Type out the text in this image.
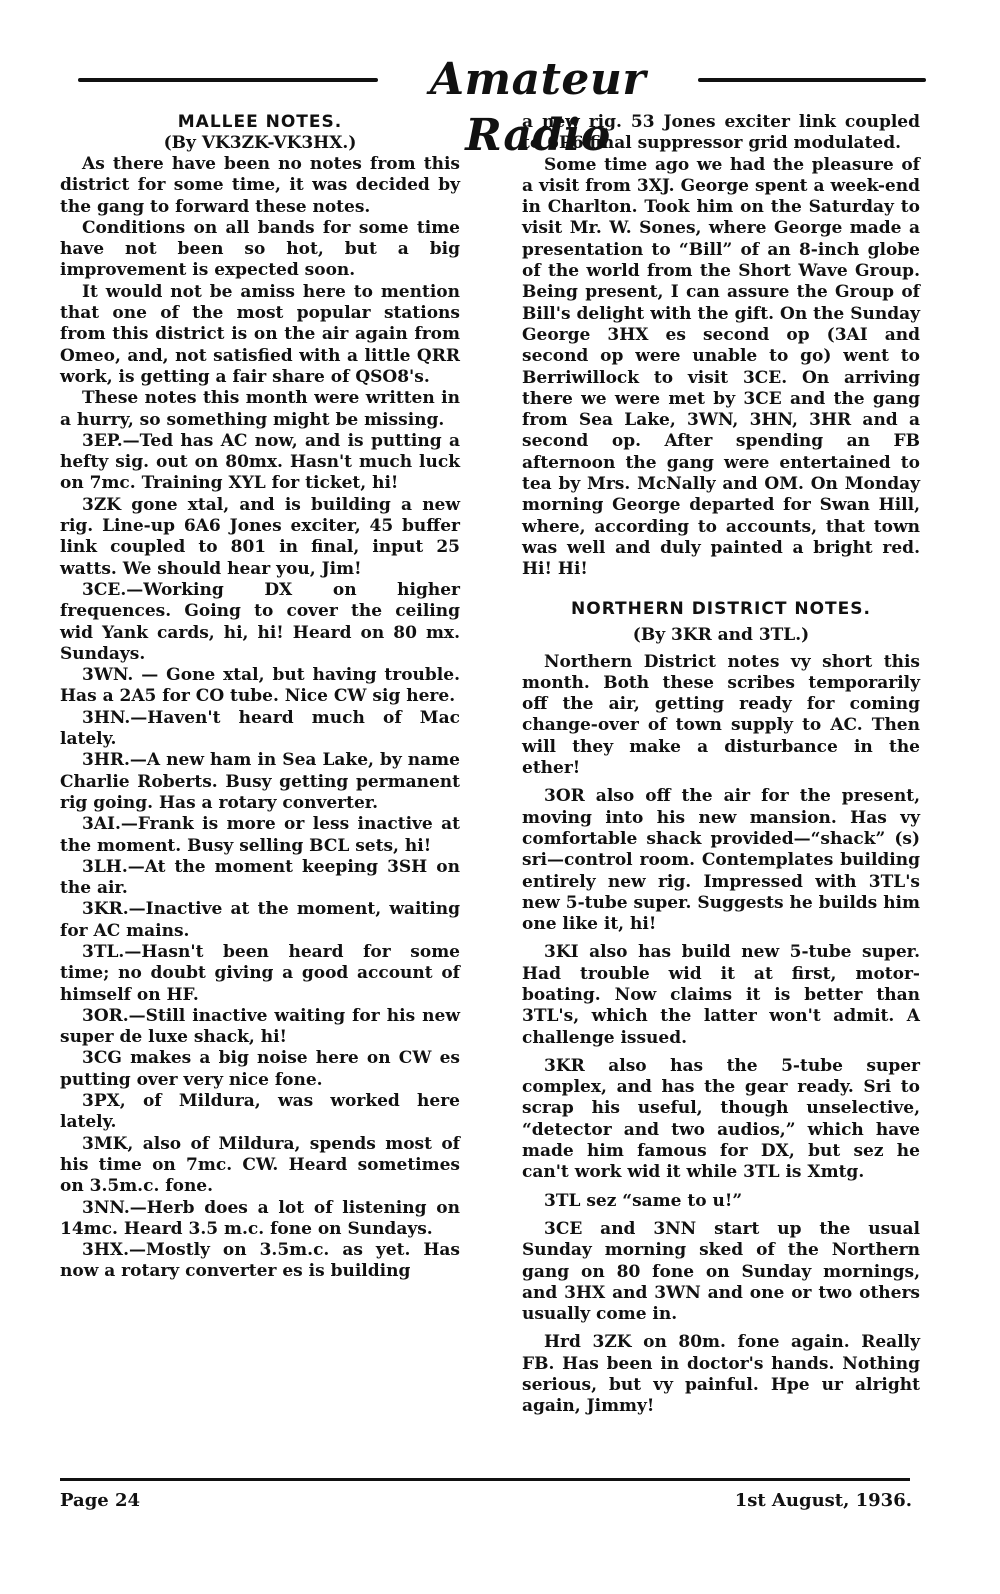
Amateur Radio
MALLEE NOTES.
(By VK3ZK-VK3HX.)

As there have been no notes from this district for some time, it was decided by the gang to forward these notes.

Conditions on all bands for some time have not been so hot, but a big improvement is expected soon.

It would not be amiss here to mention that one of the most popular stations from this district is on the air again from Omeo, and, not satisfied with a little QRR work, is getting a fair share of QSO8's.

These notes this month were written in a hurry, so something might be missing.

3EP.—Ted has AC now, and is putting a hefty sig. out on 80mx. Hasn't much luck on 7mc. Training XYL for ticket, hi!

3ZK gone xtal, and is building a new rig. Line-up 6A6 Jones exciter, 45 buffer link coupled to 801 in final, input 25 watts. We should hear you, Jim!

3CE.—Working DX on higher frequences. Going to cover the ceiling wid Yank cards, hi, hi! Heard on 80 mx. Sundays.

3WN. — Gone xtal, but having trouble. Has a 2A5 for CO tube. Nice CW sig here.

3HN.—Haven't heard much of Mac lately.

3HR.—A new ham in Sea Lake, by name Charlie Roberts. Busy getting permanent rig going. Has a rotary converter.

3AI.—Frank is more or less inactive at the moment. Busy selling BCL sets, hi!

3LH.—At the moment keeping 3SH on the air.

3KR.—Inactive at the moment, waiting for AC mains.

3TL.—Hasn't been heard for some time; no doubt giving a good account of himself on HF.

3OR.—Still inactive waiting for his new super de luxe shack, hi!

3CG makes a big noise here on CW es putting over very nice fone.

3PX, of Mildura, was worked here lately.

3MK, also of Mildura, spends most of his time on 7mc. CW. Heard sometimes on 3.5m.c. fone.

3NN.—Herb does a lot of listening on 14mc. Heard 3.5 m.c. fone on Sundays.

3HX.—Mostly on 3.5m.c. as yet. Has now a rotary converter es is building

a new rig. 53 Jones exciter link coupled to 6P6 final suppressor grid modulated.

Some time ago we had the pleasure of a visit from 3XJ. George spent a week-end in Charlton. Took him on the Saturday to visit Mr. W. Sones, where George made a presentation to “Bill” of an 8-inch globe of the world from the Short Wave Group. Being present, I can assure the Group of Bill's delight with the gift. On the Sunday George 3HX es second op (3AI and second op were unable to go) went to Berriwillock to visit 3CE. On arriving there we were met by 3CE and the gang from Sea Lake, 3WN, 3HN, 3HR and a second op. After spending an FB afternoon the gang were entertained to tea by Mrs. McNally and OM. On Monday morning George departed for Swan Hill, where, according to accounts, that town was well and duly painted a bright red. Hi! Hi!

NORTHERN DISTRICT NOTES.
(By 3KR and 3TL.)

Northern District notes vy short this month. Both these scribes temporarily off the air, getting ready for coming change-over of town supply to AC. Then will they make a disturbance in the ether!

3OR also off the air for the present, moving into his new mansion. Has vy comfortable shack provided—“shack” (s) sri—control room. Contemplates building entirely new rig. Impressed with 3TL's new 5-tube super. Suggests he builds him one like it, hi!

3KI also has build new 5-tube super. Had trouble wid it at first, motor-boating. Now claims it is better than 3TL's, which the latter won't admit. A challenge issued.

3KR also has the 5-tube super complex, and has the gear ready. Sri to scrap his useful, though unselective, “detector and two audios,” which have made him famous for DX, but sez he can't work wid it while 3TL is Xmtg.

3TL sez “same to u!”

3CE and 3NN start up the usual Sunday morning sked of the Northern gang on 80 fone on Sunday mornings, and 3HX and 3WN and one or two others usually come in.

Hrd 3ZK on 80m. fone again. Really FB. Has been in doctor's hands. Nothing serious, but vy painful. Hpe ur alright again, Jimmy!

Page 24	1st August, 1936.
